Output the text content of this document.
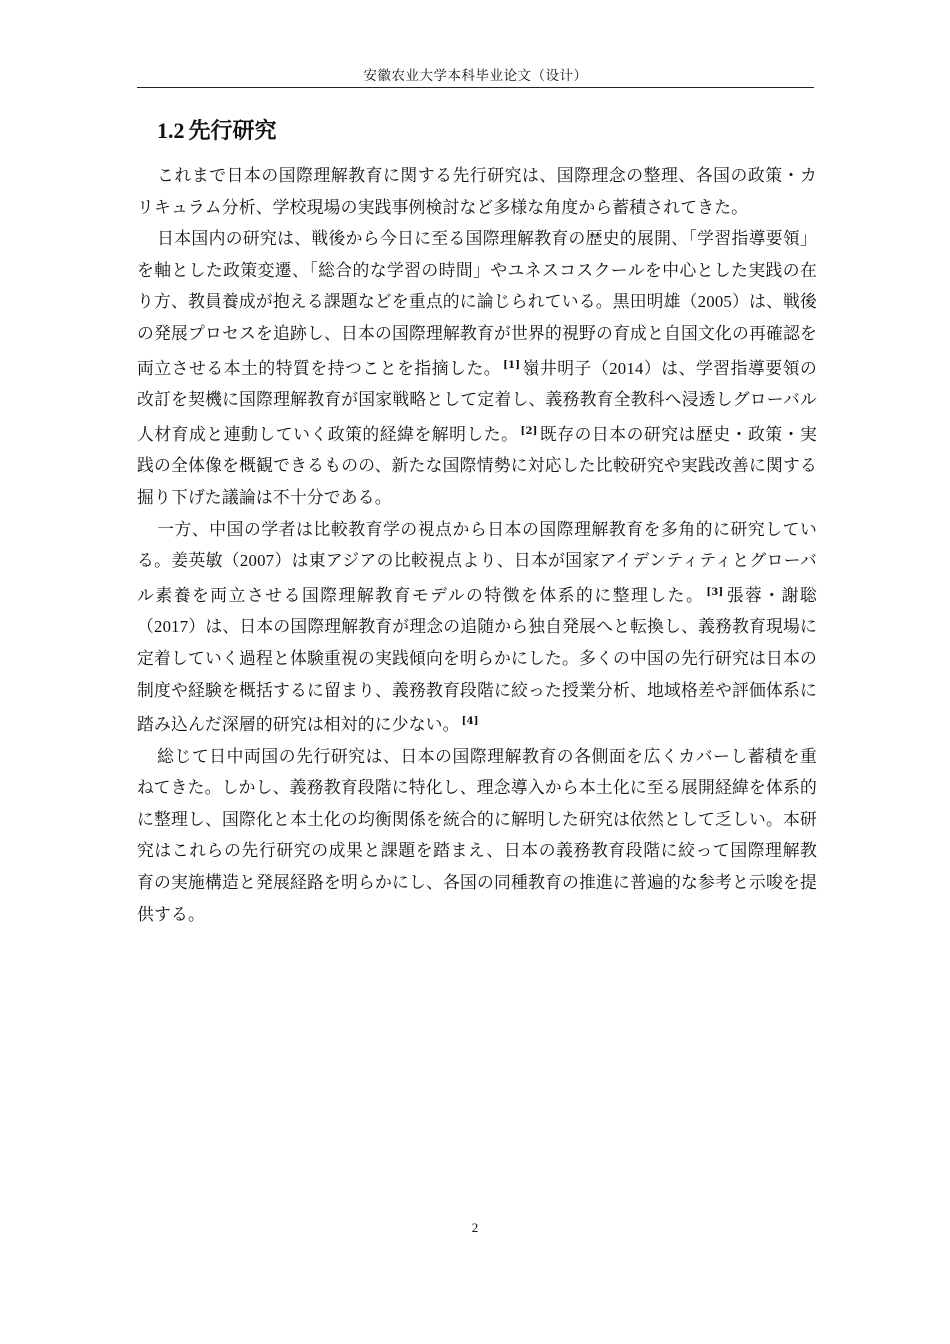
安徽农业大学本科毕业论文（设计）
1.2 先行研究

これまで日本の国際理解教育に関する先行研究は、国際理念の整理、各国の政策・カリキュラム分析、学校現場の実践事例検討など多様な角度から蓄積されてきた。

日本国内の研究は、戦後から今日に至る国際理解教育の歴史的展開、「学習指導要領」を軸とした政策変遷、「総合的な学習の時間」やユネスコスクールを中心とした実践の在り方、教員養成が抱える課題などを重点的に論じられている。黒田明雄（2005）は、戦後の発展プロセスを追跡し、日本の国際理解教育が世界的視野の育成と自国文化の再確認を両立させる本土的特質を持つことを指摘した。 [1] 嶺井明子（2014）は、学習指導要領の改訂を契機に国際理解教育が国家戦略として定着し、義務教育全教科へ浸透しグローバル人材育成と連動していく政策的経緯を解明した。 [2] 既存の日本の研究は歴史・政策・実践の全体像を概観できるものの、新たな国際情勢に対応した比較研究や実践改善に関する掘り下げた議論は不十分である。

一方、中国の学者は比較教育学の視点から日本の国際理解教育を多角的に研究している。姜英敏（2007）は東アジアの比較視点より、日本が国家アイデンティティとグローバル素養を両立させる国際理解教育モデルの特徴を体系的に整理した。 [3] 張蓉・謝聡（2017）は、日本の国際理解教育が理念の追随から独自発展へと転換し、義務教育現場に定着していく過程と体験重視の実践傾向を明らかにした。多くの中国の先行研究は日本の制度や経験を概括するに留まり、義務教育段階に絞った授業分析、地域格差や評価体系に踏み込んだ深層的研究は相対的に少ない。 [4]

総じて日中両国の先行研究は、日本の国際理解教育の各側面を広くカバーし蓄積を重ねてきた。しかし、義務教育段階に特化し、理念導入から本土化に至る展開経緯を体系的に整理し、国際化と本土化の均衡関係を統合的に解明した研究は依然として乏しい。本研究はこれらの先行研究の成果と課題を踏まえ、日本の義務教育段階に絞って国際理解教育の実施構造と発展経路を明らかにし、各国の同種教育の推進に普遍的な参考と示唆を提供する。

2
